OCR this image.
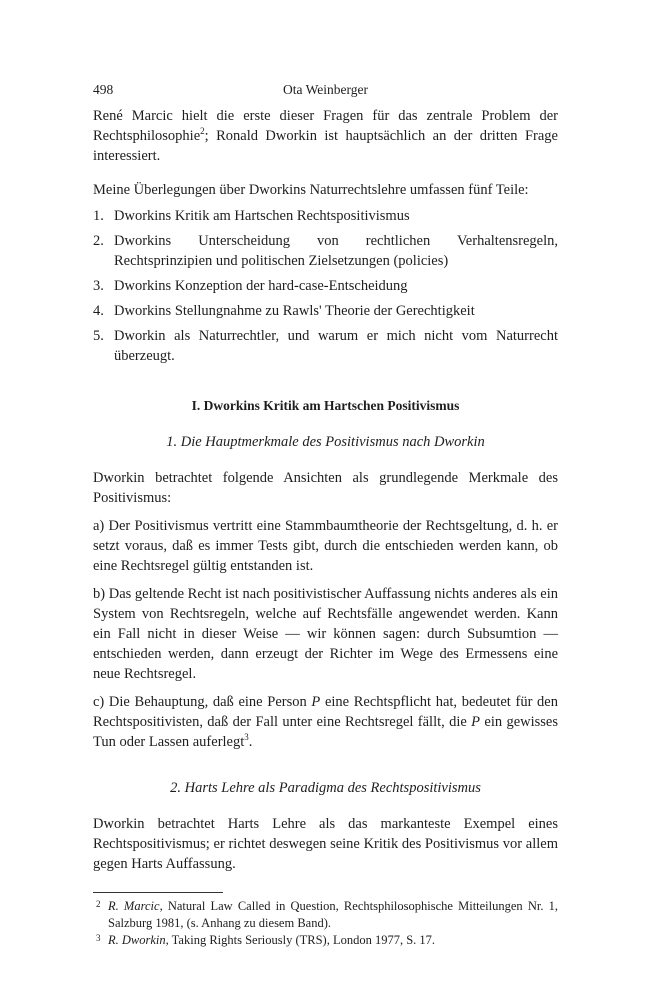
498	Ota Weinberger

René Marcic hielt die erste dieser Fragen für das zentrale Problem der Rechtsphilosophie$^2$; Ronald Dworkin ist hauptsächlich an der dritten Frage interessiert.

Meine Überlegungen über Dworkins Naturrechtslehre umfassen fünf Teile:

1. Dworkins Kritik am Hartschen Rechtspositivismus
2. Dworkins Unterscheidung von rechtlichen Verhaltensregeln, Rechtsprinzipien und politischen Zielsetzungen (policies)
3. Dworkins Konzeption der hard-case-Entscheidung
4. Dworkins Stellungnahme zu Rawls' Theorie der Gerechtigkeit
5. Dworkin als Naturrechtler, und warum er mich nicht vom Naturrecht überzeugt.
I. Dworkins Kritik am Hartschen Positivismus
1. Die Hauptmerkmale des Positivismus nach Dworkin

Dworkin betrachtet folgende Ansichten als grundlegende Merkmale des Positivismus:

a) Der Positivismus vertritt eine Stammbaumtheorie der Rechtsgeltung, d. h. er setzt voraus, daß es immer Tests gibt, durch die entschieden werden kann, ob eine Rechtsregel gültig entstanden ist.

b) Das geltende Recht ist nach positivistischer Auffassung nichts anderes als ein System von Rechtsregeln, welche auf Rechtsfälle angewendet werden. Kann ein Fall nicht in dieser Weise — wir können sagen: durch Subsumtion — entschieden werden, dann erzeugt der Richter im Wege des Ermessens eine neue Rechtsregel.

c) Die Behauptung, daß eine Person P eine Rechtspflicht hat, bedeutet für den Rechtspositivisten, daß der Fall unter eine Rechtsregel fällt, die P ein gewisses Tun oder Lassen auferlegt$^3$.

2. Harts Lehre als Paradigma des Rechtspositivismus

Dworkin betrachtet Harts Lehre als das markanteste Exempel eines Rechtspositivismus; er richtet deswegen seine Kritik des Positivismus vor allem gegen Harts Auffassung.

2 R. Marcic, Natural Law Called in Question, Rechtsphilosophische Mitteilungen Nr. 1, Salzburg 1981, (s. Anhang zu diesem Band).
3 R. Dworkin, Taking Rights Seriously (TRS), London 1977, S. 17.
